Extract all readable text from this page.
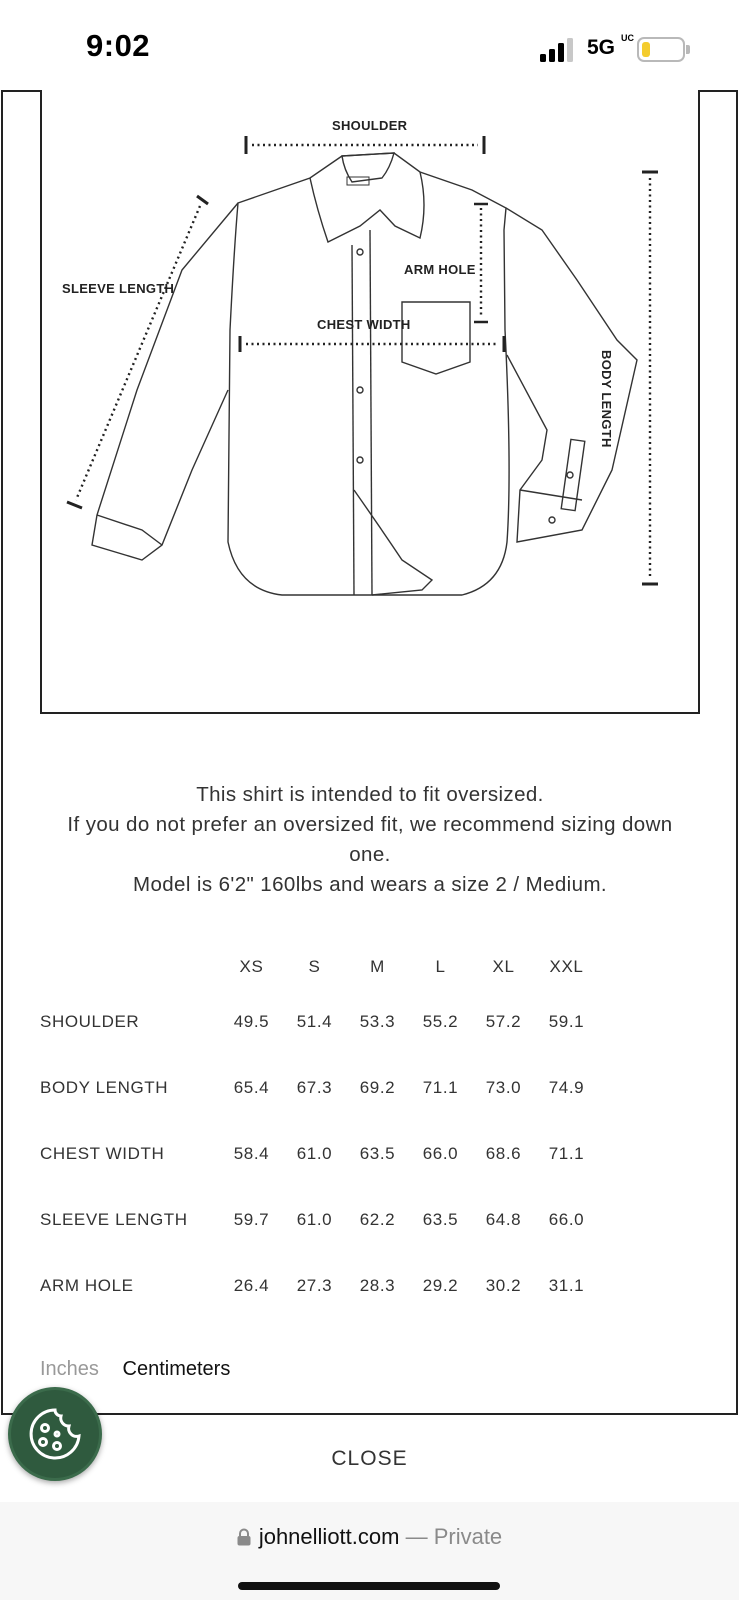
9:02	5G UC
SHOULDER
SLEEVE LENGTH
ARM HOLE
CHEST WIDTH
BODY LENGTH
This shirt is intended to fit oversized.
If you do not prefer an oversized fit, we recommend sizing down one.
Model is 6'2" 160lbs and wears a size 2 / Medium.
	XS	S	M	L	XL	XXL
SHOULDER	49.5	51.4	53.3	55.2	57.2	59.1
BODY LENGTH	65.4	67.3	69.2	71.1	73.0	74.9
CHEST WIDTH	58.4	61.0	63.5	66.0	68.6	71.1
SLEEVE LENGTH	59.7	61.0	62.2	63.5	64.8	66.0
ARM HOLE	26.4	27.3	28.3	29.2	30.2	31.1
Inches Centimeters
CLOSE
johnelliott.com — Private
